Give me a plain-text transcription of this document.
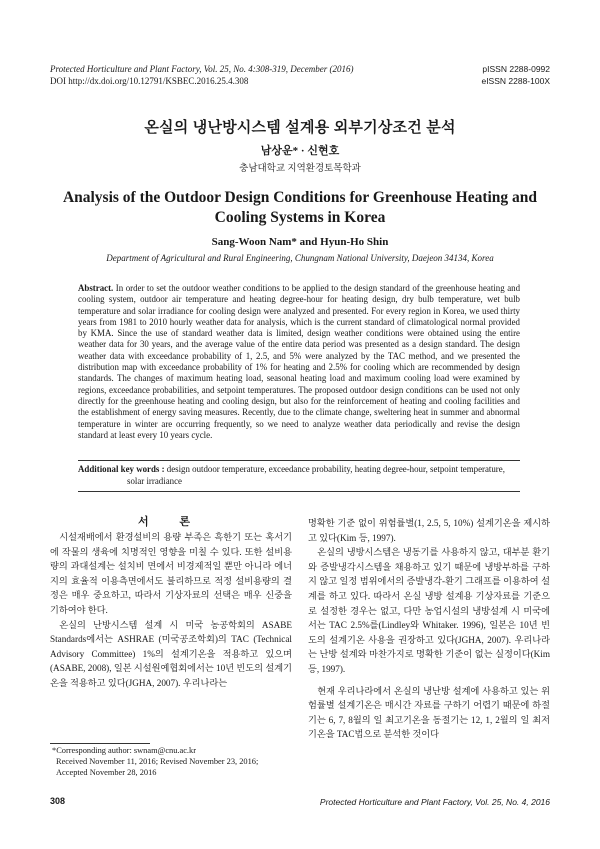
Protected Horticulture and Plant Factory, Vol. 25, No. 4:308-319, December (2016)
DOI http://dx.doi.org/10.12791/KSBEC.2016.25.4.308
pISSN 2288-0992
eISSN 2288-100X
온실의 냉난방시스템 설계용 외부기상조건 분석
남상운* · 신현호
충남대학교 지역환경토목학과
Analysis of the Outdoor Design Conditions for Greenhouse Heating and Cooling Systems in Korea
Sang-Woon Nam* and Hyun-Ho Shin
Department of Agricultural and Rural Engineering, Chungnam National University, Daejeon 34134, Korea
Abstract. In order to set the outdoor weather conditions to be applied to the design standard of the greenhouse heating and cooling system, outdoor air temperature and heating degree-hour for heating design, dry bulb temperature, wet bulb temperature and solar irradiance for cooling design were analyzed and presented. For every region in Korea, we used thirty years from 1981 to 2010 hourly weather data for analysis, which is the current standard of climatological normal provided by KMA. Since the use of standard weather data is limited, design weather conditions were obtained using the entire weather data for 30 years, and the average value of the entire data period was presented as a design standard. The design weather data with exceedance probability of 1, 2.5, and 5% were analyzed by the TAC method, and we presented the distribution map with exceedance probability of 1% for heating and 2.5% for cooling which are recommended by design standards. The changes of maximum heating load, seasonal heating load and maximum cooling load were examined by regions, exceedance probabilities, and setpoint temperatures. The proposed outdoor design conditions can be used not only directly for the greenhouse heating and cooling design, but also for the reinforcement of heating and cooling facilities and the establishment of energy saving measures. Recently, due to the climate change, sweltering heat in summer and abnormal temperature in winter are occurring frequently, so we need to analyze weather data periodically and revise the design standard at least every 10 years cycle.
Additional key words : design outdoor temperature, exceedance probability, heating degree-hour, setpoint temperature,
solar irradiance
서 론

시설재배에서 환경설비의 용량 부족은 흑한기 또는 혹서기에 작물의 생육에 치명적인 영향을 미칠 수 있다. 또한 설비용량의 과대설계는 설치비 면에서 비경제적일 뿐만 아니라 에너지의 효율적 이용측면에서도 불리하므로 적정 설비용량의 결정은 매우 중요하고, 따라서 기상자료의 선택은 매우 신중을 기하여야 한다.

온실의 난방시스템 설계 시 미국 농공학회의 ASABE Standards에서는 ASHRAE (미국공조학회)의 TAC (Technical Advisory Committee) 1%의 설계기온을 적용하고 있으며(ASABE, 2008), 일본 시설원예협회에서는 10년 빈도의 설계기온을 적용하고 있다(JGHA, 2007). 우리나라는

명확한 기준 없이 위험률별(1, 2.5, 5, 10%) 설계기온을 제시하고 있다(Kim 등, 1997).

온실의 냉방시스템은 냉동기를 사용하지 않고, 대부분 환기와 증발냉각시스템을 채용하고 있기 때문에 냉방부하를 구하지 않고 일정 범위에서의 증발냉각-환기 그래프를 이용하여 설계를 하고 있다. 따라서 온실 냉방 설계용 기상자료를 기준으로 설정한 경우는 없고, 다만 농업시설의 냉방설계 시 미국에서는 TAC 2.5%를(Lindley와 Whitaker. 1996), 일본은 10년 빈도의 설계기온 사용을 권장하고 있다(JGHA, 2007). 우리나라는 난방 설계와 마찬가지로 명확한 기준이 없는 실정이다(Kim 등, 1997).

현재 우리나라에서 온실의 냉난방 설계에 사용하고 있는 위험률별 설계기온은 매시간 자료를 구하기 어렵기 때문에 하절기는 6, 7, 8월의 일 최고기온을 동절기는 12, 1, 2월의 일 최저기온을 TAC법으로 분석한 것이다

*Corresponding author: swnam@cnu.ac.kr
Received November 11, 2016; Revised November 23, 2016;
Accepted November 28, 2016
308	Protected Horticulture and Plant Factory, Vol. 25, No. 4, 2016
